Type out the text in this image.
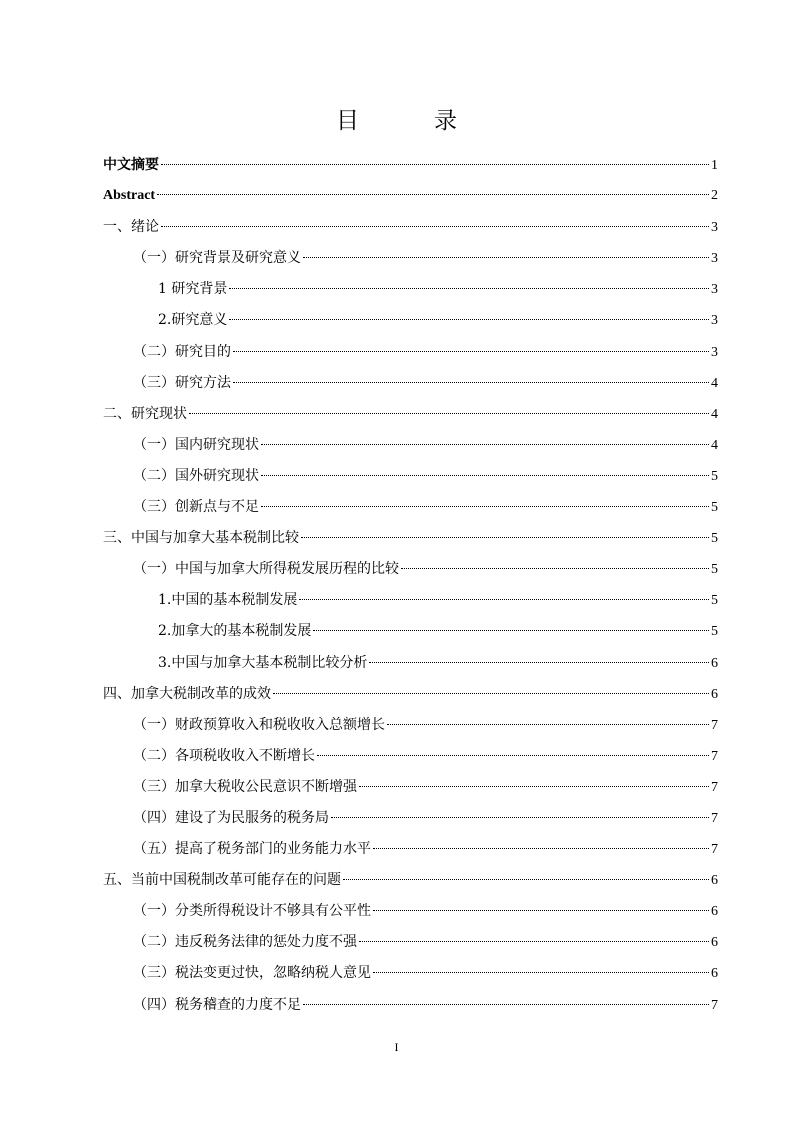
目　录
中文摘要	1
Abstract	2
一、绪论	3
（一）研究背景及研究意义	3
1 研究背景	3
2.研究意义	3
（二）研究目的	3
（三）研究方法	4
二、研究现状	4
（一）国内研究现状	4
（二）国外研究现状	5
（三）创新点与不足	5
三、中国与加拿大基本税制比较	5
（一）中国与加拿大所得税发展历程的比较	5
1.中国的基本税制发展	5
2.加拿大的基本税制发展	5
3.中国与加拿大基本税制比较分析	6
四、加拿大税制改革的成效	6
（一）财政预算收入和税收收入总额增长	7
（二）各项税收收入不断增长	7
（三）加拿大税收公民意识不断增强	7
（四）建设了为民服务的税务局	7
（五）提高了税务部门的业务能力水平	7
五、当前中国税制改革可能存在的问题	6
（一）分类所得税设计不够具有公平性	6
（二）违反税务法律的惩处力度不强	6
（三）税法变更过快，忽略纳税人意见	6
（四）税务稽查的力度不足	7
I
